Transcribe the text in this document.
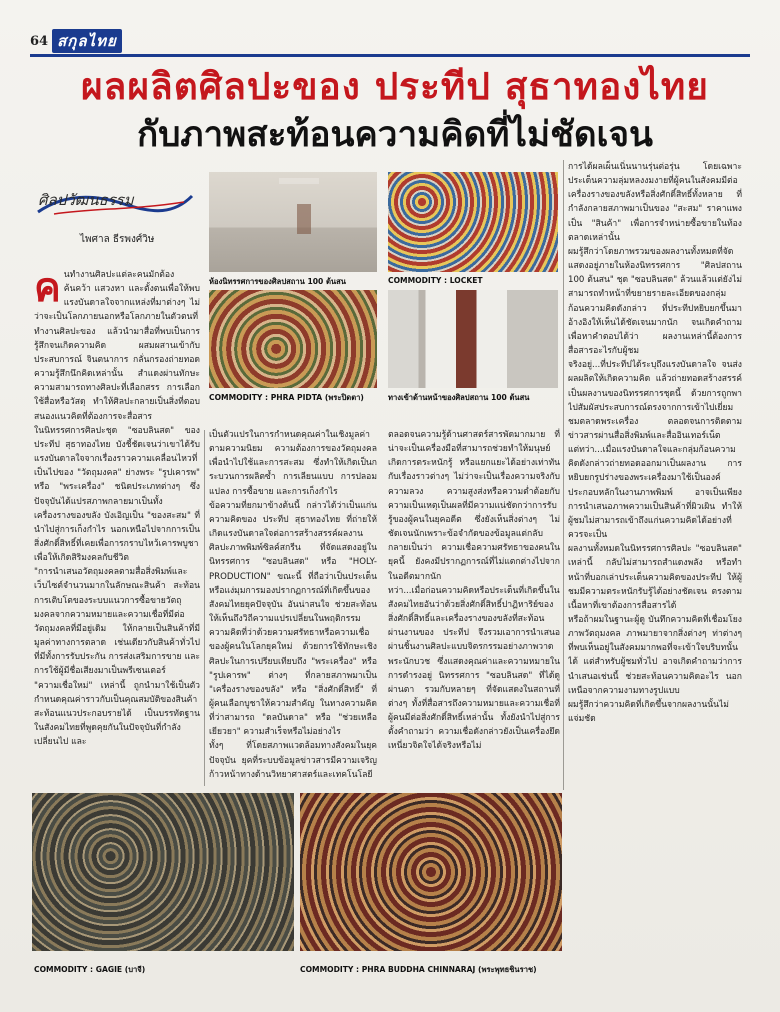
64 สกุลไทย
ผลผลิตศิลปะของ ประทีป สุธาทองไทย
กับภาพสะท้อนความคิดที่ไม่ชัดเจน
ศิลปวัฒนธรรม
ไพศาล ธีรพงศ์วิษ
ห้องนิทรรศการของศิลปสถาน 100 ต้นสน	COMMODITY : LOCKET
COMMODITY : PHRA PIDTA (พระปิดตา)	ทางเข้าด้านหน้าของศิลปสถาน 100 ต้นสน
COMMODITY : GAGIE (บาจี)	COMMODITY : PHRA BUDDHA CHINNARAJ (พระพุทธชินราช)
ค นทำงานศิลปะแต่ละคนมักต้องค้นคว้า แสวงหา และตั้งตนเพื่อให้พบแรงบันดาลใจจากแหล่งที่มาต่างๆ ไม่ว่าจะเป็นโลกภายนอกหรือโลกภายในตัวตนที่ทำงานศิลปะของ แล้วนำมาสื่อที่พบเป็นการรู้สึกจนเกิดความคิด ผสมผสานเข้ากับประสบการณ์ จินตนาการ กลั่นกรองถ่ายทอดความรู้สึกนึกคิดเหล่านั้น สำแดงผ่านทักษะความสามารถทางศิลปะที่เลือกสรร การเลือกใช้สื่อหรือวัสดุ ทำให้ศิลปะกลายเป็นสิ่งที่ตอบสนองแนวคิดที่ต้องการจะสื่อสาร

ในนิทรรศการศิลปะชุด "ซอบลินสด" ของประทีป สุธาทองไทย บังชี้ชัดเจนว่าเขาได้รับแรงบันดาลใจจากเรื่องราวความเคลื่อนไหวที่เป็นไปของ "วัตถุมงคล" ย่างพระ "รูปเคารพ" หรือ "พระเครื่อง" ชนิดประเภทต่างๆ ซึ่งปัจจุบันได้แปรสภาพกลายมาเป็นทั้ง เครื่องรางของขลัง บังเอิญเป็น "ของสะสม" ที่นำไปสู่การเก็งกำไร นอกเหนือไปจากการเป็นสิ่งศักดิ์สิทธิ์ที่เคยเพื่อการกราบไหว้เคารพบูชา เพื่อให้เกิดสิริมงคลกับชีวิต

"การนำเสนอวัตถุมงคลตามสื่อสิ่งพิมพ์และเว็บไซต์จำนวนมากในลักษณะสินค้า สะท้อนการเติบโตของระบบแนวการซื้อขายวัตถุมงคลจากความหมายและความเชื่อที่มีต่อวัตถุมงคลที่มีอยู่เดิม ให้กลายเป็นสินค้าที่มีมูลค่าทางการตลาด เช่นเดียวกับสินค้าทั่วไป ที่มีทั้งการรับประกัน การส่งเสริมการขาย และการใช้ผู้มีชื่อเสียงมาเป็นพรีเซนเตอร์

"ความเชื่อใหม่" เหล่านี้ ถูกนำมาใช้เป็นตัวกำหนดคุณค่าราวกับเป็นคุณสมบัติของสินค้า สะท้อนแนวประกอบรายได้ เป็นบรรทัดฐานในสังคมไทยที่พูดคุยกันในปัจจุบันที่กำลังเปลี่ยนไป และ

เป็นตัวแปรในการกำหนดคุณค่าในเชิงมูลค่าตามความนิยม ความต้องการของวัตถุมงคล เพื่อนำไปใช้และการสะสม ซึ่งทำให้เกิดเป็นกระบวนการผลิตซ้ำ การเลียนแบบ การปลอมแปลง การซื้อขาย และการเก็งกำไร

ข้อความที่ยกมาข้างต้นนี้ กล่าวได้ว่าเป็นแก่นความคิดของ ประทีป สุธาทองไทย ที่ถ่ายให้เกิดแรงบันดาลใจต่อการสร้างสรรค์ผลงานศิลปะภาพพิมพ์ซิลค์สกรีน ที่จัดแสดงอยู่ในนิทรรศการ "ซอบลินสด" หรือ "HOLY-PRODUCTION" ขณะนี้ ที่ถือว่าเป็นประเด็นหรือแง่มุมการมองปรากฏการณ์ที่เกิดขึ้นของสังคมไทยยุคปัจจุบัน อันน่าสนใจ ช่วยสะท้อนให้เห็นถึงวิถีความแปรเปลี่ยนในพฤติกรรมความคิดที่ว่าด้วยความศรัทธาหรือความเชื่อของผู้คนในโลกยุคใหม่ ด้วยการใช้ทักษะเชิงศิลปะในการเปรียบเทียบถึง "พระเครื่อง" หรือ "รูปเคารพ" ต่างๆ ที่กลายสภาพมาเป็น "เครื่องรางของขลัง" หรือ "สิ่งศักดิ์สิทธิ์" ที่ผู้คนเลือกบูชาให้ความสำคัญ ในทางความคิดที่ว่าสามารถ "ดลบันดาล" หรือ "ช่วยเหลือเยียวยา" ความสำเร็จหรือไม่อย่างไร

ทั้งๆ ที่โดยสภาพแวดล้อมทางสังคมในยุคปัจจุบัน ยุคที่ระบบข้อมูลข่าวสารมีความเจริญก้าวหน้าทางด้านวิทยาศาสตร์และเทคโนโลยี

ตลอดจนความรู้ด้านศาสตร์สารพัดมากมาย ที่น่าจะเป็นเครื่องมือที่สามารถช่วยทำให้มนุษย์เกิดการตระหนักรู้ หรือแยกแยะได้อย่างเท่าทันกับเรื่องราวต่างๆ ไม่ว่าจะเป็นเรื่องความจริงกับความลวง ความสูงส่งหรือความต่ำต้อยกับความเป็นเหตุเป็นผลที่มีความแน่ชัดกว่าการรับรู้ของผู้คนในยุคอดีต ซึ่งยังเห็นสิ่งต่างๆ ไม่ชัดเจนนักเพราะข้อจำกัดของข้อมูลแต่กลับกลายเป็นว่า ความเชื่อความศรัทธาของคนในยุคนี้ ยังคงมีปรากฏการณ์ที่ไม่แตกต่างไปจากในอดีตมากนัก

ทว่า...เมื่อก่อนความคิดหรือประเด็นที่เกิดขึ้นในสังคมไทยอันว่าด้วยสิ่งศักดิ์สิทธิ์ปาฏิหาริย์ของสิ่งศักดิ์สิทธิ์และเครื่องรางของขลังที่สะท้อนผ่านงานของ ประทีป จึงรวมเอาการนำเสนอผ่านชิ้นงานศิลปะแบบจิตรกรรมอย่างภาพวาดพระนักบวช ซึ่งแสดงคุณค่าและความหมายในการดำรงอยู่ นิทรรศการ "ซอบลินสด" ที่ได้ดูผ่านตา รวมกับหลายๆ ที่จัดแสดงในสถานที่ต่างๆ ทั้งที่สื่อสารถึงความหมายและความเชื่อที่ผู้คนมีต่อสิ่งศักดิ์สิทธิ์เหล่านั้น ทั้งยังนำไปสู่การตั้งคำถามว่า ความเชื่อดังกล่าวยังเป็นเครื่องยึดเหนี่ยวจิตใจได้จริงหรือไม่

การได้ผลเผ็นเนิ่นนานรุ่นต่อรุ่น โดยเฉพาะประเด็นความลุ่มหลงงมงายที่ผู้คนในสังคมมีต่อเครื่องรางของขลังหรือสิ่งศักดิ์สิทธิ์ทั้งหลาย ที่กำลังกลายสภาพมาเป็นของ "สะสม" ราคาแพง เป็น "สินค้า" เพื่อการจำหน่ายซื้อขายในท้องตลาดเหล่านั้น

ผมรู้สึกว่าโดยภาพรวมของผลงานทั้งหมดที่จัดแสดงอยู่ภายในห้องนิทรรศการ "ศิลปสถาน 100 ต้นสน" ชุด "ซอบลินสด" ล้วนแล้วแต่ยังไม่สามารถทำหน้าที่ขยายรายละเอียดของกลุ่มก้อนความคิดดังกล่าว ที่ประทีปหยิบยกขึ้นมาอ้างอิงให้เห็นได้ชัดเจนมากนัก จนเกิดคำถามเพื่อหาคำตอบได้ว่า ผลงานเหล่านี้ต้องการสื่อสารอะไรกับผู้ชม

จริงอยู่...ที่ประทีปได้ระบุถึงแรงบันดาลใจ จนส่งผลผลิตให้เกิดความคิด แล้วถ่ายทอดสร้างสรรค์เป็นผลงานของนิทรรศการชุดนี้ ด้วยการถูกพาไปสัมผัสประสบการณ์ตรงจากการเข้าไปเยี่ยมชมตลาดพระเครื่อง ตลอดจนการติดตามข่าวสารผ่านสื่อสิ่งพิมพ์และสื่ออินเทอร์เน็ต

แต่ทว่า...เมื่อแรงบันดาลใจและกลุ่มก้อนความคิดดังกล่าวถ่ายทอดออกมาเป็นผลงาน การหยิบยกรูปร่างของพระเครื่องมาใช้เป็นองค์ประกอบหลักในงานภาพพิมพ์ อาจเป็นเพียงการนำเสนอภาพความเป็นสินค้าที่ผิวเผิน ทำให้ผู้ชมไม่สามารถเข้าถึงแก่นความคิดได้อย่างที่ควรจะเป็น

ผลงานทั้งหมดในนิทรรศการศิลปะ "ซอบลินสด" เหล่านี้ กลับไม่สามารถสำแดงพลัง หรือทำหน้าที่บอกเล่าประเด็นความคิดของประทีป ให้ผู้ชมมีความตระหนักรับรู้ได้อย่างชัดเจน ตรงตามเนื้อหาที่เขาต้องการสื่อสารได้

หรือถ้าผมในฐานะผู้ดู บันทึกความคิดที่เชื่อมโยงภาพวัตถุมงคล ภาพมายาจากสิ่งต่างๆ ท่าต่างๆ ที่พบเห็นอยู่ในสังคมมากพอที่จะเข้าใจบริบทนั้นได้ แต่สำหรับผู้ชมทั่วไป อาจเกิดคำถามว่าการนำเสนอเช่นนี้ ช่วยสะท้อนความคิดอะไร นอกเหนือจากความงามทางรูปแบบ

ผมรู้สึกว่าความคิดที่เกิดขึ้นจากผลงานนั้นไม่แจ่มชัด
